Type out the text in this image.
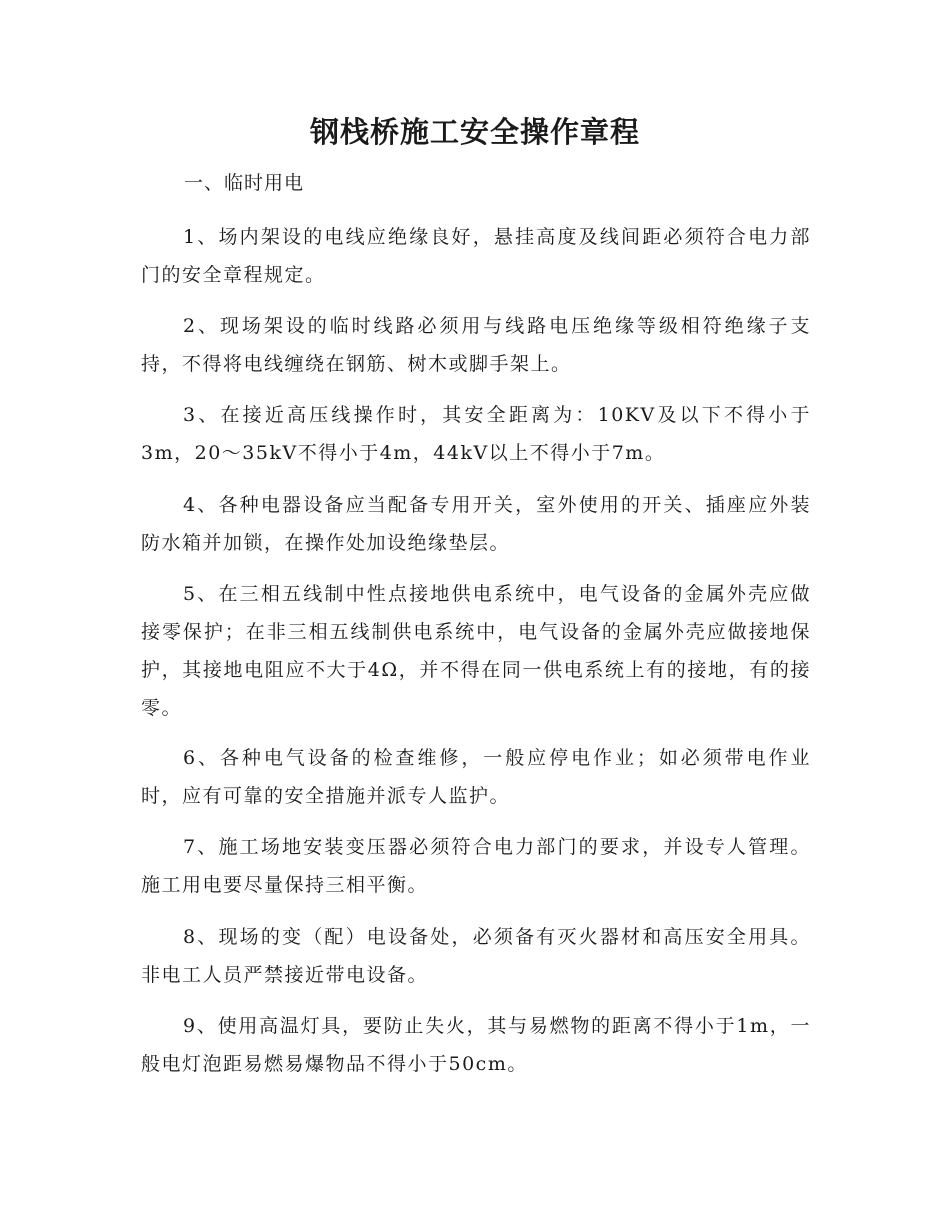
钢栈桥施工安全操作章程

一、临时用电

1、场内架设的电线应绝缘良好，悬挂高度及线间距必须符合电力部门的安全章程规定。

2、现场架设的临时线路必须用与线路电压绝缘等级相符绝缘子支持，不得将电线缠绕在钢筋、树木或脚手架上。

3、在接近高压线操作时，其安全距离为：10KV及以下不得小于3m，20～35kV不得小于4m，44kV以上不得小于7m。

4、各种电器设备应当配备专用开关，室外使用的开关、插座应外装防水箱并加锁，在操作处加设绝缘垫层。

5、在三相五线制中性点接地供电系统中，电气设备的金属外壳应做接零保护；在非三相五线制供电系统中，电气设备的金属外壳应做接地保护，其接地电阻应不大于4Ω，并不得在同一供电系统上有的接地，有的接零。

6、各种电气设备的检查维修，一般应停电作业；如必须带电作业时，应有可靠的安全措施并派专人监护。

7、施工场地安装变压器必须符合电力部门的要求，并设专人管理。施工用电要尽量保持三相平衡。

8、现场的变（配）电设备处，必须备有灭火器材和高压安全用具。非电工人员严禁接近带电设备。

9、使用高温灯具，要防止失火，其与易燃物的距离不得小于1m，一般电灯泡距易燃易爆物品不得小于50cm。
